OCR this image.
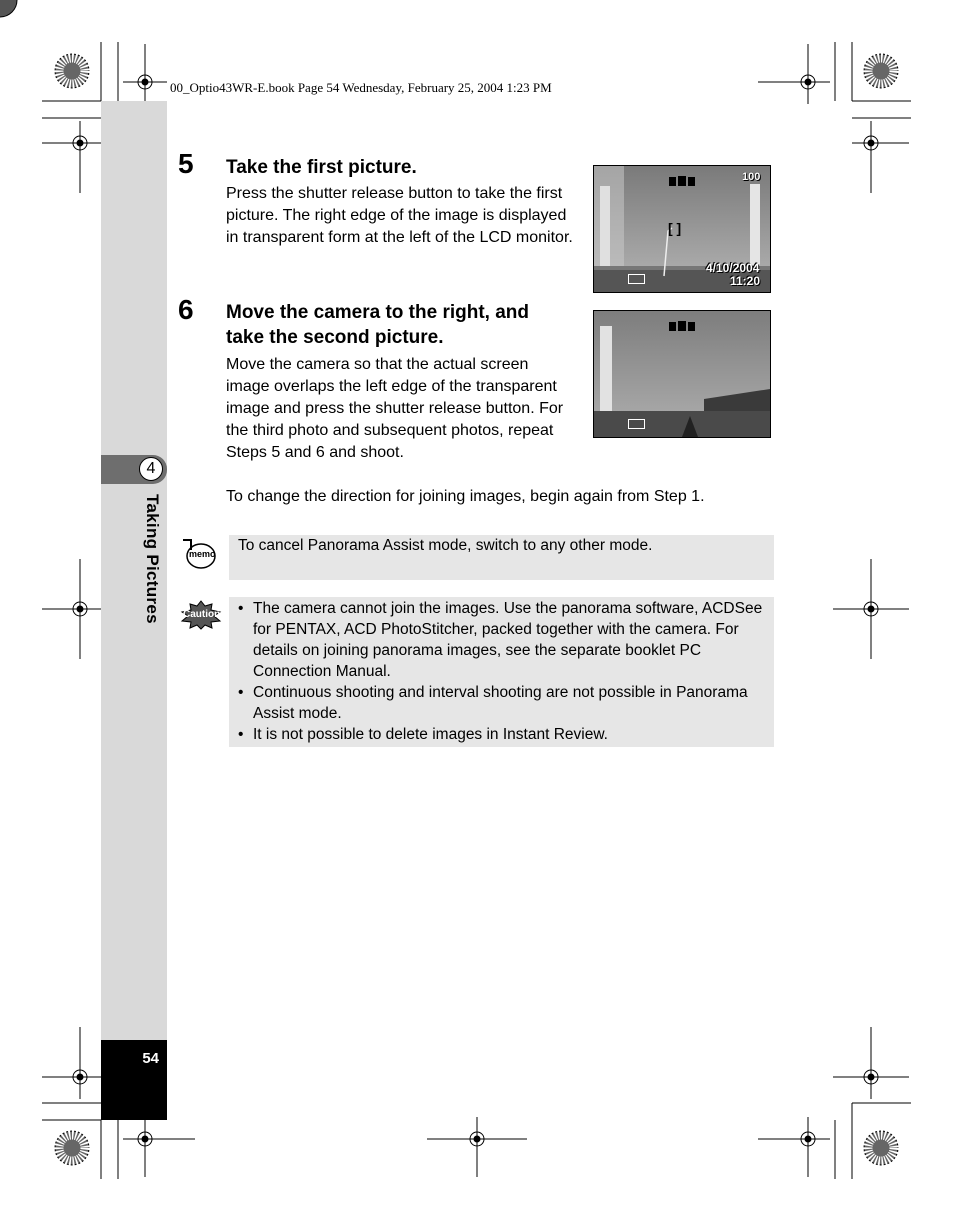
00_Optio43WR-E.book Page 54 Wednesday, February 25, 2004 1:23 PM
4
Taking Pictures
54
5 Take the first picture.
Press the shutter release button to take the first picture. The right edge of the image is displayed in transparent form at the left of the LCD monitor.
100
[ ]
4/10/2004
11:20
6 Move the camera to the right, and take the second picture.
Move the camera so that the actual screen image overlaps the left edge of the transparent image and press the shutter release button. For the third photo and subsequent photos, repeat Steps 5 and 6 and shoot.
To change the direction for joining images, begin again from Step 1.
memo To cancel Panorama Assist mode, switch to any other mode.
Caution
•	The camera cannot join the images. Use the panorama software, ACDSee for PENTAX, ACD PhotoStitcher, packed together with the camera. For details on joining panorama images, see the separate booklet PC Connection Manual.
• Continuous shooting and interval shooting are not possible in Panorama Assist mode.
• It is not possible to delete images in Instant Review.
